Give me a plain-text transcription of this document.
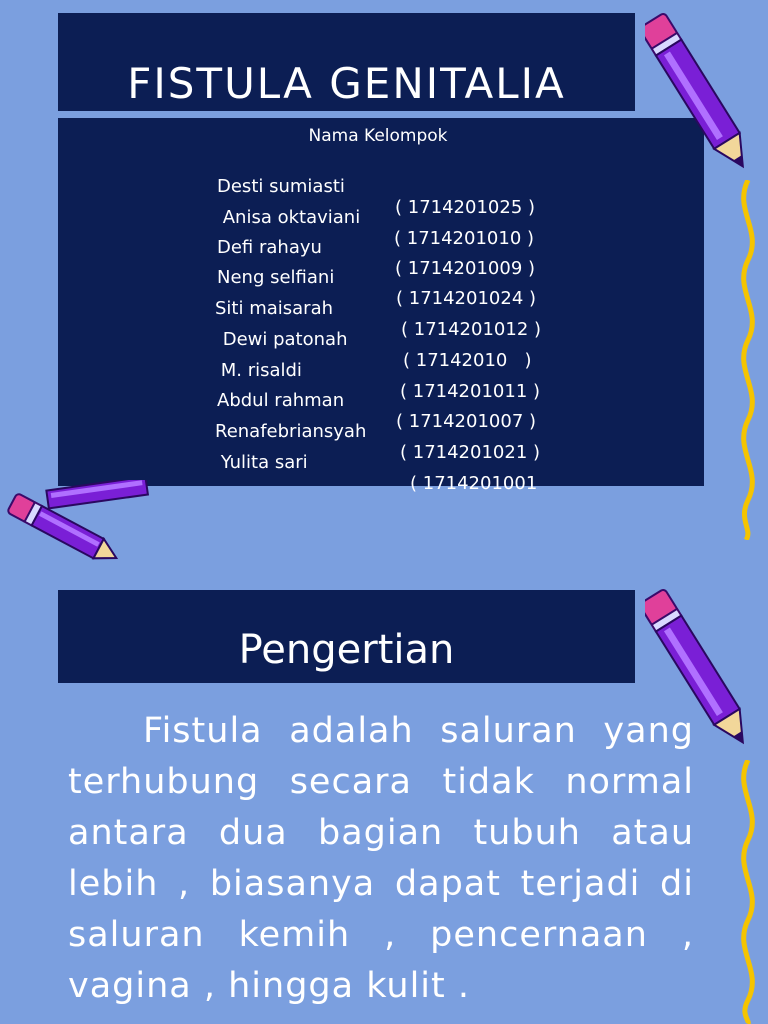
FISTULA GENITALIA
Nama Kelompok

Desti sumiasti

( 1714201025 )

Anisa oktaviani

( 1714201010 )

Defi rahayu

( 1714201009 )

Neng selfiani

( 1714201024 )

Siti maisarah

( 1714201012 )

Dewi patonah

( 17142010   )

M. risaldi

( 1714201011 )

Abdul rahman

( 1714201007 )

Renafebriansyah

( 1714201021 )

Yulita sari

( 1714201001

Pengertian
Fistula adalah saluran yang terhubung secara tidak normal antara dua bagian tubuh atau lebih , biasanya dapat terjadi di saluran kemih , pencernaan , vagina , hingga kulit .
